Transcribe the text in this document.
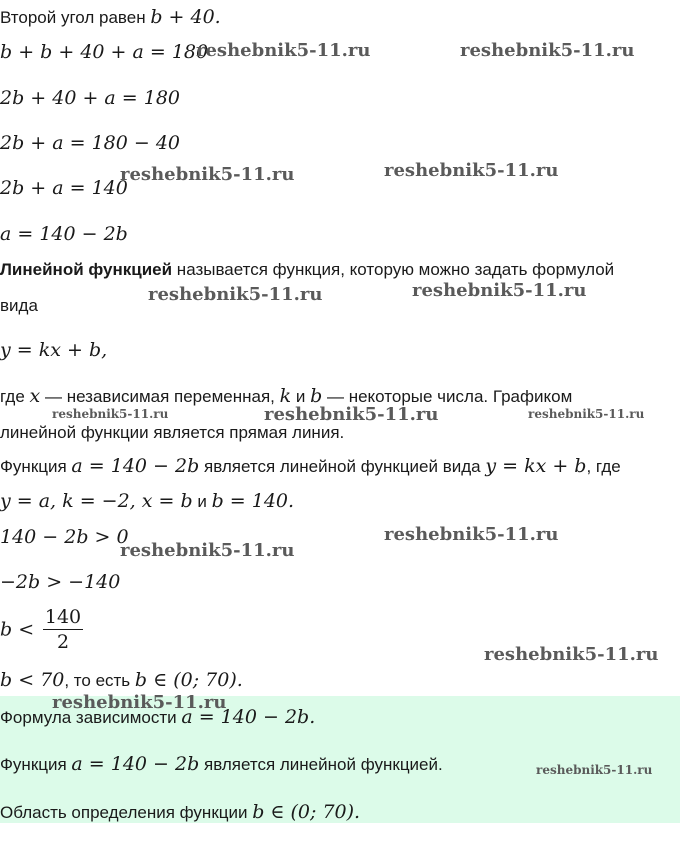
Второй угол равен b + 40.
b + b + 40 + a = 180
2b + 40 + a = 180
2b + a = 180 − 40
2b + a = 140
a = 140 − 2b
Линейной функцией называется функция, которую можно задать формулой
вида
y = kx + b,
где x — независимая переменная, k и b — некоторые числа. Графиком
линейной функции является прямая линия.
Функция a = 140 − 2b является линейной функцией вида y = kx + b, где
y = a, k = −2, x = b и b = 140.
140 − 2b > 0
−2b > −140
$b < \frac{140}{2}$
b < 70, то есть b ∈ (0; 70).
Формула зависимости a = 140 − 2b.
Функция a = 140 − 2b является линейной функцией.
Область определения функции b ∈ (0; 70).
reshebnik5-11.ru	reshebnik5-11.ru
reshebnik5-11.ru	reshebnik5-11.ru
reshebnik5-11.ru	reshebnik5-11.ru
reshebnik5-11.ru	reshebnik5-11.ru	reshebnik5-11.ru
reshebnik5-11.ru
reshebnik5-11.ru
reshebnik5-11.ru
reshebnik5-11.ru
reshebnik5-11.ru
